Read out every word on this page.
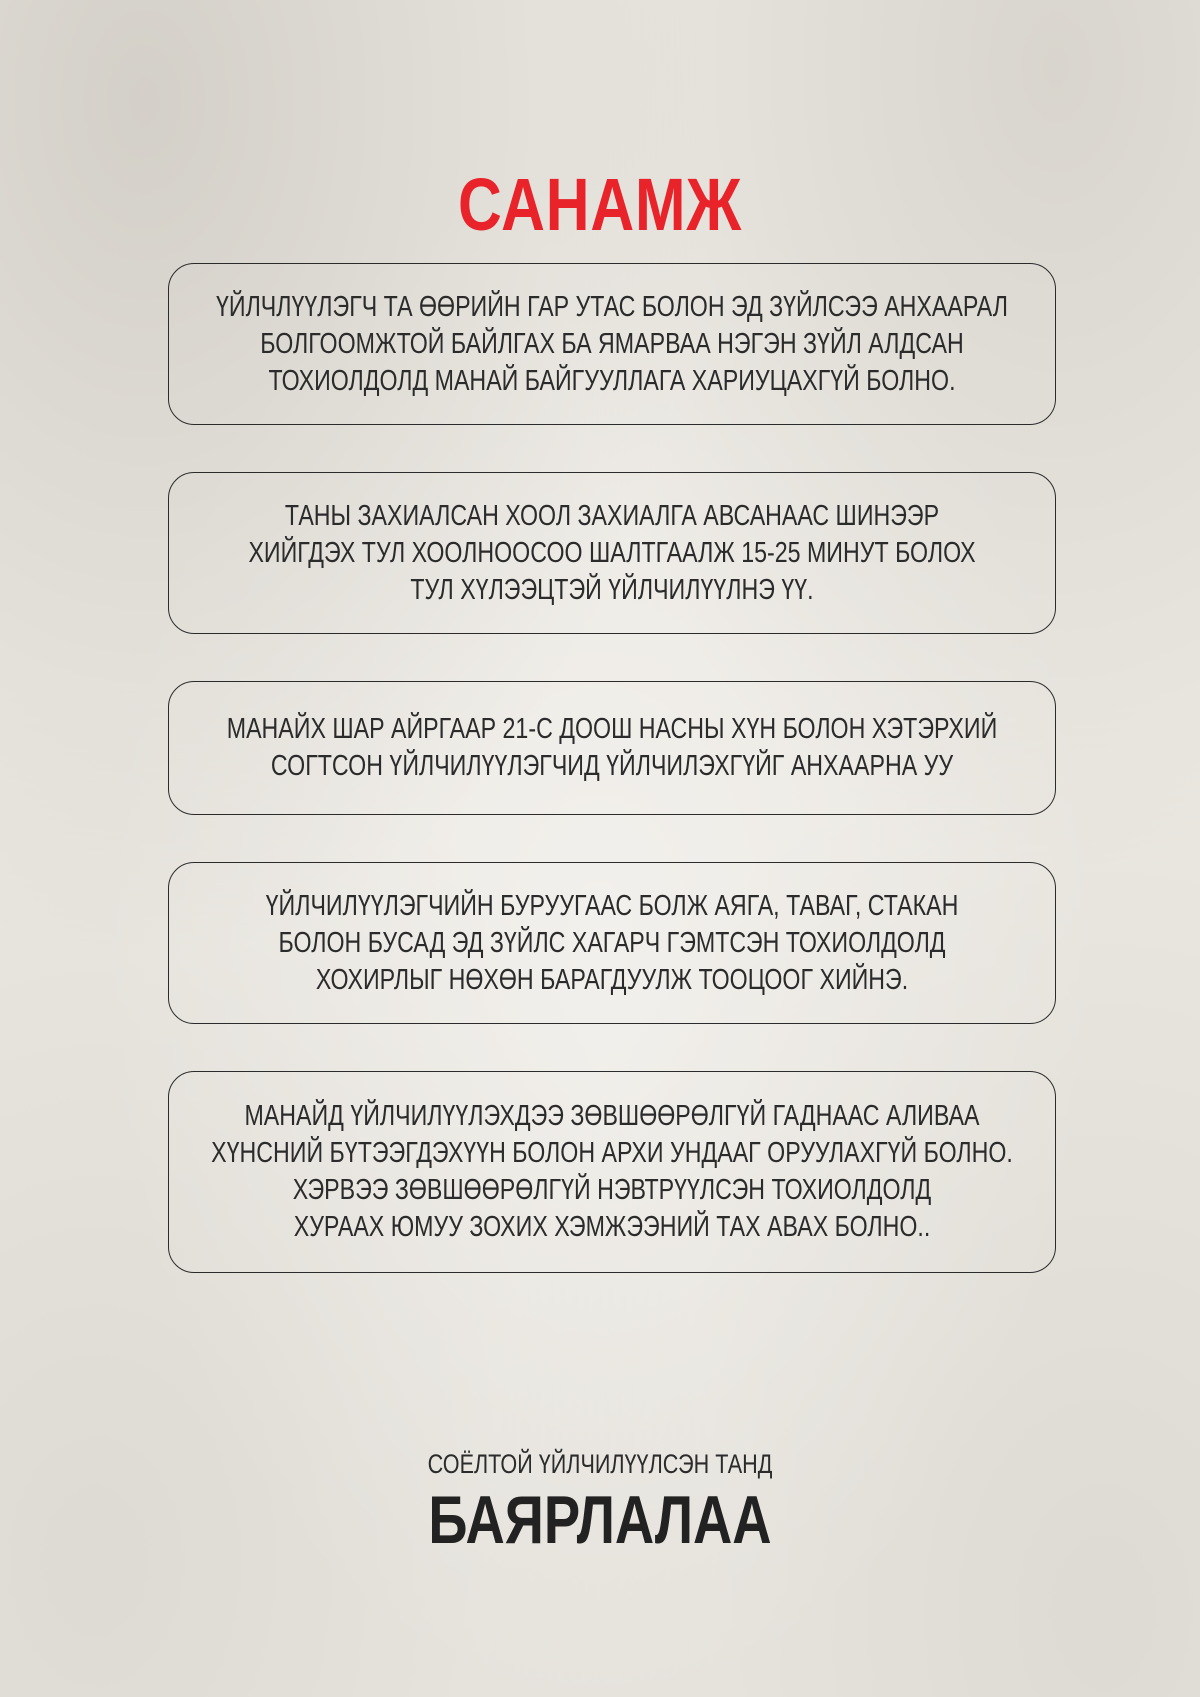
САНАМЖ
ҮЙЛЧЛҮҮЛЭГЧ ТА ӨӨРИЙН ГАР УТАС БОЛОН ЭД ЗҮЙЛСЭЭ АНХААРАЛ
БОЛГООМЖТОЙ БАЙЛГАХ БА ЯМАРВАА НЭГЭН ЗҮЙЛ АЛДСАН
ТОХИОЛДОЛД МАНАЙ БАЙГУУЛЛАГА ХАРИУЦАХГҮЙ БОЛНО.
ТАНЫ ЗАХИАЛСАН ХООЛ ЗАХИАЛГА АВСАНААС ШИНЭЭР
ХИЙГДЭХ ТУЛ ХООЛНООСОО ШАЛТГААЛЖ 15-25 МИНУТ БОЛОХ
ТУЛ ХҮЛЭЭЦТЭЙ ҮЙЛЧИЛҮҮЛНЭ ҮҮ.
МАНАЙХ ШАР АЙРГААР 21-С ДООШ НАСНЫ ХҮН БОЛОН ХЭТЭРХИЙ
СОГТСОН ҮЙЛЧИЛҮҮЛЭГЧИД ҮЙЛЧИЛЭХГҮЙГ АНХААРНА УУ
ҮЙЛЧИЛҮҮЛЭГЧИЙН БУРУУГААС БОЛЖ АЯГА, ТАВАГ, СТАКАН
БОЛОН БУСАД ЭД ЗҮЙЛС ХАГАРЧ ГЭМТСЭН ТОХИОЛДОЛД
ХОХИРЛЫГ НӨХӨН БАРАГДУУЛЖ ТООЦООГ ХИЙНЭ.
МАНАЙД ҮЙЛЧИЛҮҮЛЭХДЭЭ ЗӨВШӨӨРӨЛГҮЙ ГАДНААС АЛИВАА
ХҮНСНИЙ БҮТЭЭГДЭХҮҮН БОЛОН АРХИ УНДААГ ОРУУЛАХГҮЙ БОЛНО.
ХЭРВЭЭ ЗӨВШӨӨРӨЛГҮЙ НЭВТРҮҮЛСЭН ТОХИОЛДОЛД
ХУРААХ ЮМУУ ЗОХИХ ХЭМЖЭЭНИЙ ТАХ АВАХ БОЛНО..
СОЁЛТОЙ ҮЙЛЧИЛҮҮЛСЭН ТАНД
БАЯРЛАЛАА
